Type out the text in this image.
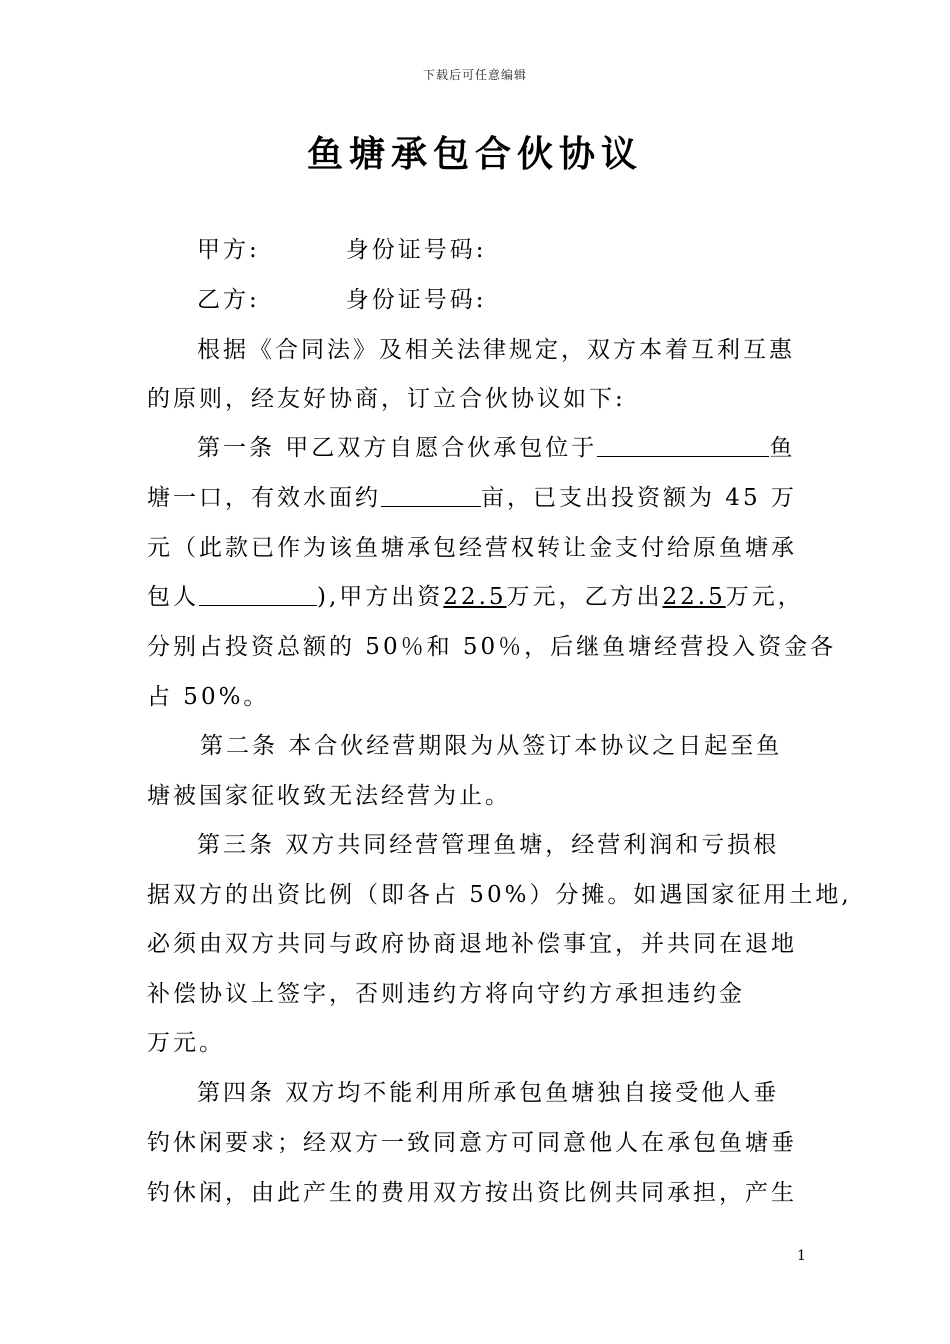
下载后可任意编辑
鱼塘承包合伙协议
甲方:	身份证号码:
乙方:	身份证号码:
根据《合同法》及相关法律规定，双方本着互利互惠
的原则，经友好协商，订立合伙协议如下:
第一条 甲乙双方自愿合伙承包位于	鱼
塘一口，有效水面约	亩，已支出投资额为 45 万
元（此款已作为该鱼塘承包经营权转让金支付给原鱼塘承
包人	),甲方出资22.5万元，乙方出22.5万元，
分别占投资总额的 50％和 50％，后继鱼塘经营投入资金各
占 50%。
第二条 本合伙经营期限为从签订本协议之日起至鱼
塘被国家征收致无法经营为止。
第三条 双方共同经营管理鱼塘，经营利润和亏损根
据双方的出资比例（即各占 50%）分摊。如遇国家征用土地,
必须由双方共同与政府协商退地补偿事宜，并共同在退地
补偿协议上签字，否则违约方将向守约方承担违约金
万元。
第四条 双方均不能利用所承包鱼塘独自接受他人垂
钓休闲要求；经双方一致同意方可同意他人在承包鱼塘垂
钓休闲，由此产生的费用双方按出资比例共同承担，产生
1
